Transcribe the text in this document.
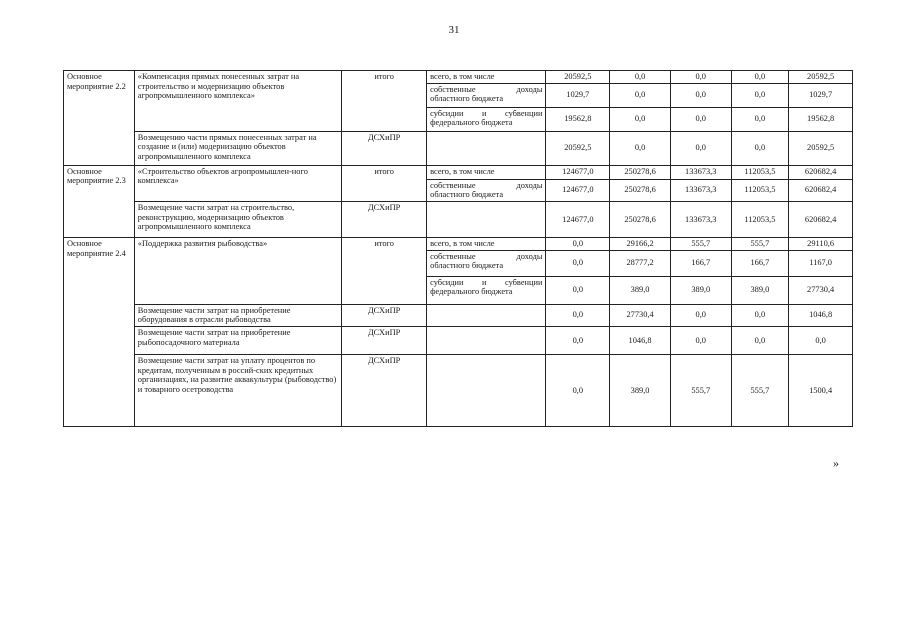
31
Основное мероприятие 2.2	«Компенсация прямых понесенных затрат на строительство и модернизацию объектов агропромышленного комплекса»	итого	всего, в том числе	20592,5	0,0	0,0	0,0	20592,5
			собственные доходы областного бюджета	1029,7	0,0	0,0	0,0	1029,7
			субсидии и субвенции федерального бюджета	19562,8	0,0	0,0	0,0	19562,8
	Возмещению части прямых понесенных затрат на создание и (или) модернизацию объектов агропромышленного комплекса	ДСХиПР		20592,5	0,0	0,0	0,0	20592,5
Основное мероприятие 2.3	«Строительство объектов агропромышлен-ного комплекса»	итого	всего, в том числе	124677,0	250278,6	133673,3	112053,5	620682,4
			собственные доходы областного бюджета	124677,0	250278,6	133673,3	112053,5	620682,4
	Возмещение части затрат на строительство, реконструкцию, модернизацию объектов агропромышленного комплекса	ДСХиПР		124677,0	250278,6	133673,3	112053,5	620682,4
Основное мероприятие 2.4	«Поддержка развития рыбоводства»	итого	всего, в том числе	0,0	29166,2	555,7	555,7	29110,6
			собственные доходы областного бюджета	0,0	28777,2	166,7	166,7	1167,0
			субсидии и субвенции федерального бюджета	0,0	389,0	389,0	389,0	27730,4
	Возмещение части затрат на приобретение оборудования в отрасли рыбоводства	ДСХиПР		0,0	27730,4	0,0	0,0	1046,8
	Возмещение части затрат на приобретение рыбопосадочного материала	ДСХиПР		0,0	1046,8	0,0	0,0	0,0
	Возмещение части затрат на уплату процентов по кредитам, полученным в россий-ских кредитных организациях, на развитие аквакультуры (рыбоводство) и товарного осетроводства	ДСХиПР		0,0	389,0	555,7	555,7	1500,4
»
